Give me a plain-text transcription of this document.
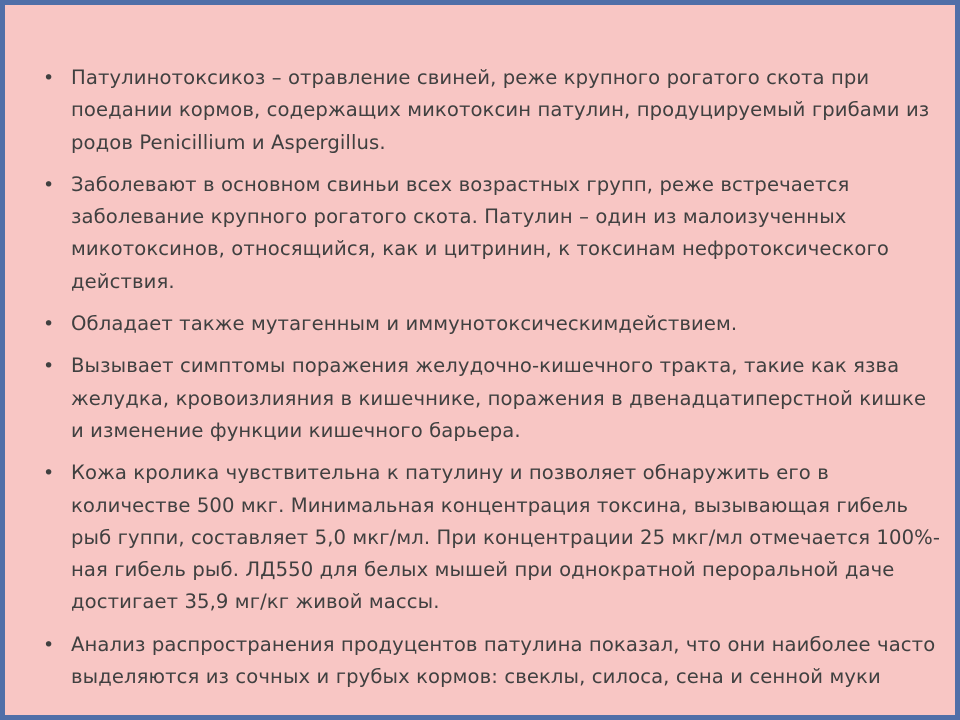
• Патулинотоксикоз – отравление свиней, реже крупного рогатого скота при поедании кормов, содержащих микотоксин патулин, продуцируемый грибами из родов Penicillium и Aspergillus.
• Заболевают в основном свиньи всех возрастных групп, реже встречается заболевание крупного рогатого скота. Патулин – один из малоизученных микотоксинов, относящийся, как и цитринин, к токсинам нефротоксического действия.
• Обладает также мутагенным и иммунотоксическимдействием.
• Вызывает симптомы поражения желудочно-кишечного тракта, такие как язва желудка, кровоизлияния в кишечнике, поражения в двенадцатиперстной кишке и изменение функции кишечного барьера.
• Кожа кролика чувствительна к патулину и позволяет обнаружить его в количестве 500 мкг. Минимальная концентрация токсина, вызывающая гибель рыб гуппи, составляет 5,0 мкг/мл. При концентрации 25 мкг/мл отмечается 100%-ная гибель рыб. ЛД550 для белых мышей при однократной пероральной даче достигает 35,9 мг/кг живой массы.
• Анализ распространения продуцентов патулина показал, что они наиболее часто выделяются из сочных и грубых кормов: свеклы, силоса, сена и сенной муки
